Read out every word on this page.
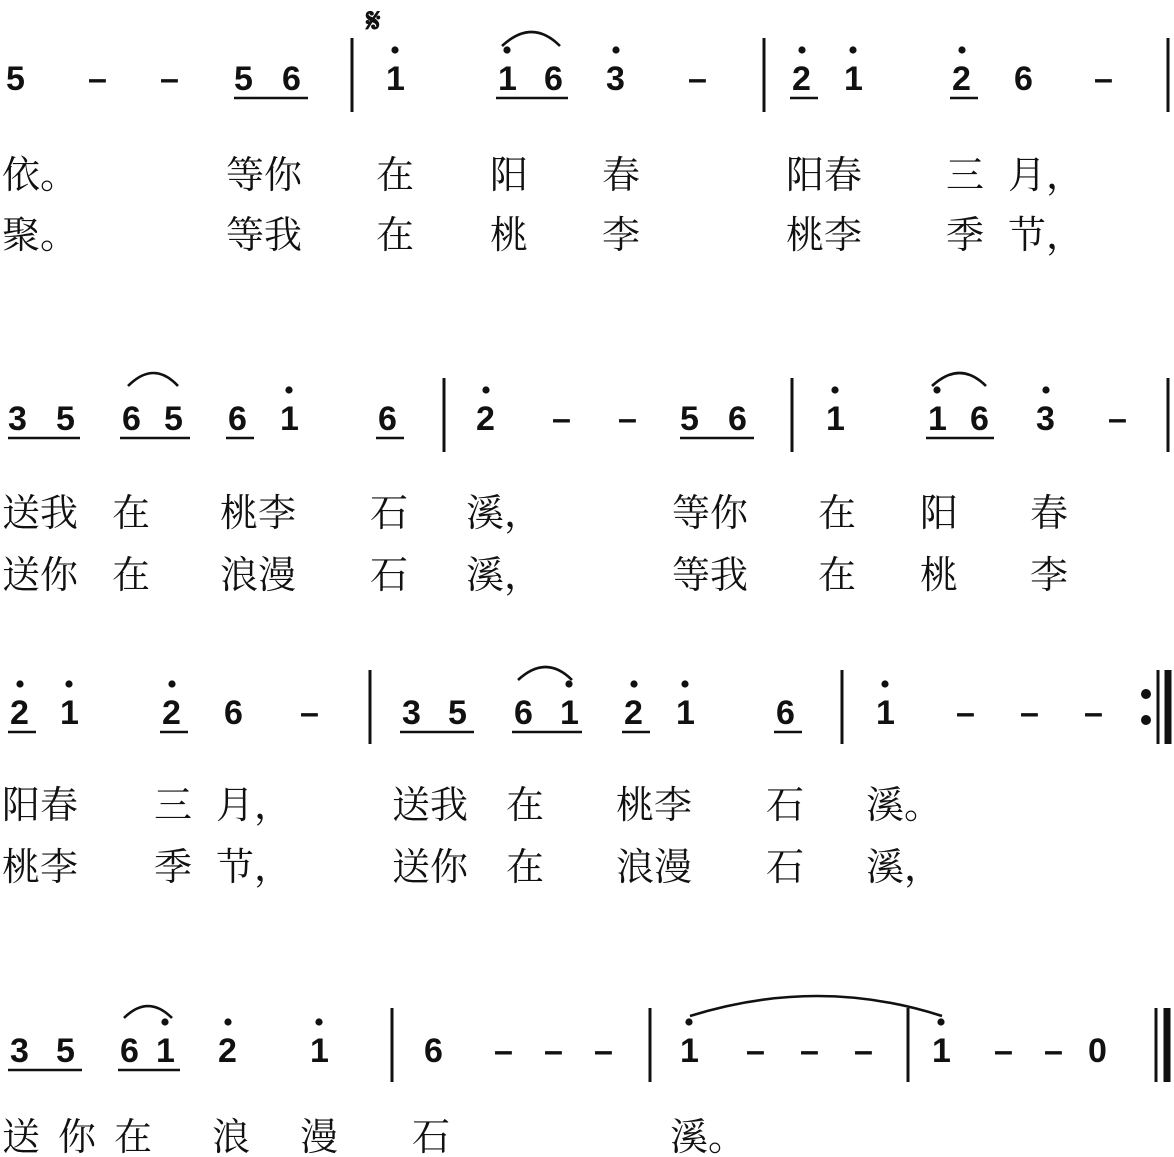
𝄋
5 – – 5 6	1	1 6 3 –	2 1	2 6 –
依。	等你 在 阳 春	阳春 三 月，
聚。	等我 在 桃 李	桃李 季 节，
3 5 6 5 6 1 6 2 – – 5 6 1 1 6 3 –
送我 在 桃李 石 溪，	等你 在 阳 春
送你 在 浪漫 石 溪，	等我 在 桃 李
2 1 2 6 – 3 5 6 1 2 1 6 1 – – –
阳春 三 月，	送我 在 桃李 石 溪。
桃李 季 节，	送你 在 浪漫 石 溪，
3 5 6 1 2 1	6 – – – 1 – – – 1 – – 0
送 你 在 浪 漫 石	溪。
